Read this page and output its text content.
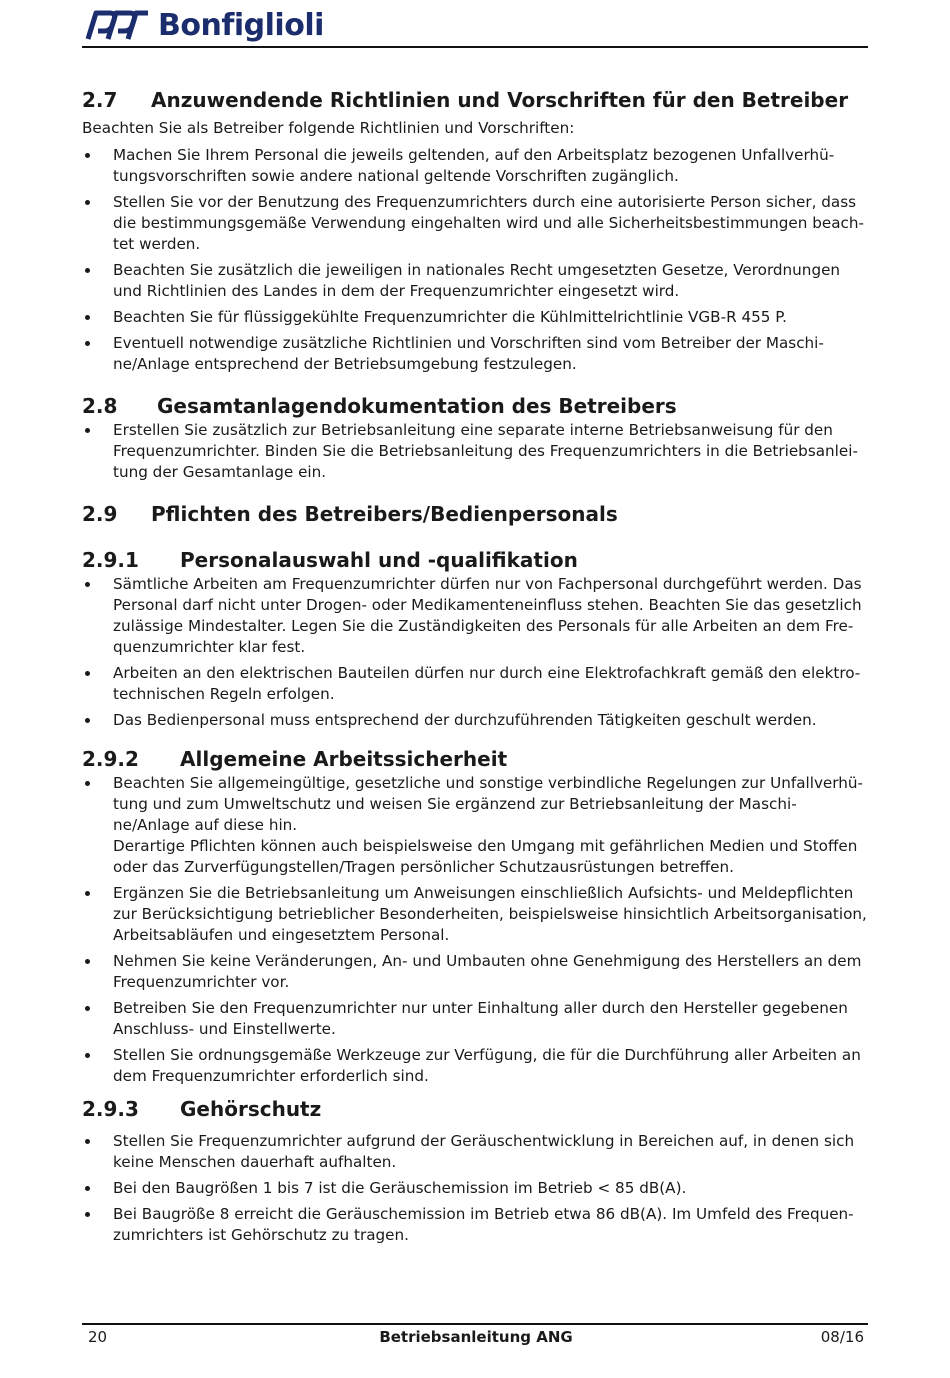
Bonfiglioli
2.7	Anzuwendende Richtlinien und Vorschriften für den Betreiber

Beachten Sie als Betreiber folgende Richtlinien und Vorschriften:

Machen Sie Ihrem Personal die jeweils geltenden, auf den Arbeitsplatz bezogenen Unfallverhü-
tungsvorschriften sowie andere national geltende Vorschriften zugänglich.
Stellen Sie vor der Benutzung des Frequenzumrichters durch eine autorisierte Person sicher, dass
die bestimmungsgemäße Verwendung eingehalten wird und alle Sicherheitsbestimmungen beach-
tet werden.
Beachten Sie zusätzlich die jeweiligen in nationales Recht umgesetzten Gesetze, Verordnungen
und Richtlinien des Landes in dem der Frequenzumrichter eingesetzt wird.
Beachten Sie für flüssiggekühlte Frequenzumrichter die Kühlmittelrichtlinie VGB-R 455 P.
Eventuell notwendige zusätzliche Richtlinien und Vorschriften sind vom Betreiber der Maschi-
ne/Anlage entsprechend der Betriebsumgebung festzulegen.
2.8	Gesamtanlagendokumentation des Betreibers
Erstellen Sie zusätzlich zur Betriebsanleitung eine separate interne Betriebsanweisung für den
Frequenzumrichter. Binden Sie die Betriebsanleitung des Frequenzumrichters in die Betriebsanlei-
tung der Gesamtanlage ein.
2.9	Pflichten des Betreibers/Bedienpersonals
2.9.1	Personalauswahl und -qualifikation
Sämtliche Arbeiten am Frequenzumrichter dürfen nur von Fachpersonal durchgeführt werden. Das
Personal darf nicht unter Drogen- oder Medikamenteneinfluss stehen. Beachten Sie das gesetzlich
zulässige Mindestalter. Legen Sie die Zuständigkeiten des Personals für alle Arbeiten an dem Fre-
quenzumrichter klar fest.
Arbeiten an den elektrischen Bauteilen dürfen nur durch eine Elektrofachkraft gemäß den elektro-
technischen Regeln erfolgen.
Das Bedienpersonal muss entsprechend der durchzuführenden Tätigkeiten geschult werden.
2.9.2	Allgemeine Arbeitssicherheit
Beachten Sie allgemeingültige, gesetzliche und sonstige verbindliche Regelungen zur Unfallverhü-
tung und zum Umweltschutz und weisen Sie ergänzend zur Betriebsanleitung der Maschi-
ne/Anlage auf diese hin.
Derartige Pflichten können auch beispielsweise den Umgang mit gefährlichen Medien und Stoffen
oder das Zurverfügungstellen/Tragen persönlicher Schutzausrüstungen betreffen.
Ergänzen Sie die Betriebsanleitung um Anweisungen einschließlich Aufsichts- und Meldepflichten
zur Berücksichtigung betrieblicher Besonderheiten, beispielsweise hinsichtlich Arbeitsorganisation,
Arbeitsabläufen und eingesetztem Personal.
Nehmen Sie keine Veränderungen, An- und Umbauten ohne Genehmigung des Herstellers an dem
Frequenzumrichter vor.
Betreiben Sie den Frequenzumrichter nur unter Einhaltung aller durch den Hersteller gegebenen
Anschluss- und Einstellwerte.
Stellen Sie ordnungsgemäße Werkzeuge zur Verfügung, die für die Durchführung aller Arbeiten an
dem Frequenzumrichter erforderlich sind.
2.9.3	Gehörschutz
Stellen Sie Frequenzumrichter aufgrund der Geräuschentwicklung in Bereichen auf, in denen sich
keine Menschen dauerhaft aufhalten.
Bei den Baugrößen 1 bis 7 ist die Geräuschemission im Betrieb < 85 dB(A).
Bei Baugröße 8 erreicht die Geräuschemission im Betrieb etwa 86 dB(A). Im Umfeld des Frequen-
zumrichters ist Gehörschutz zu tragen.
20	Betriebsanleitung ANG	08/16
